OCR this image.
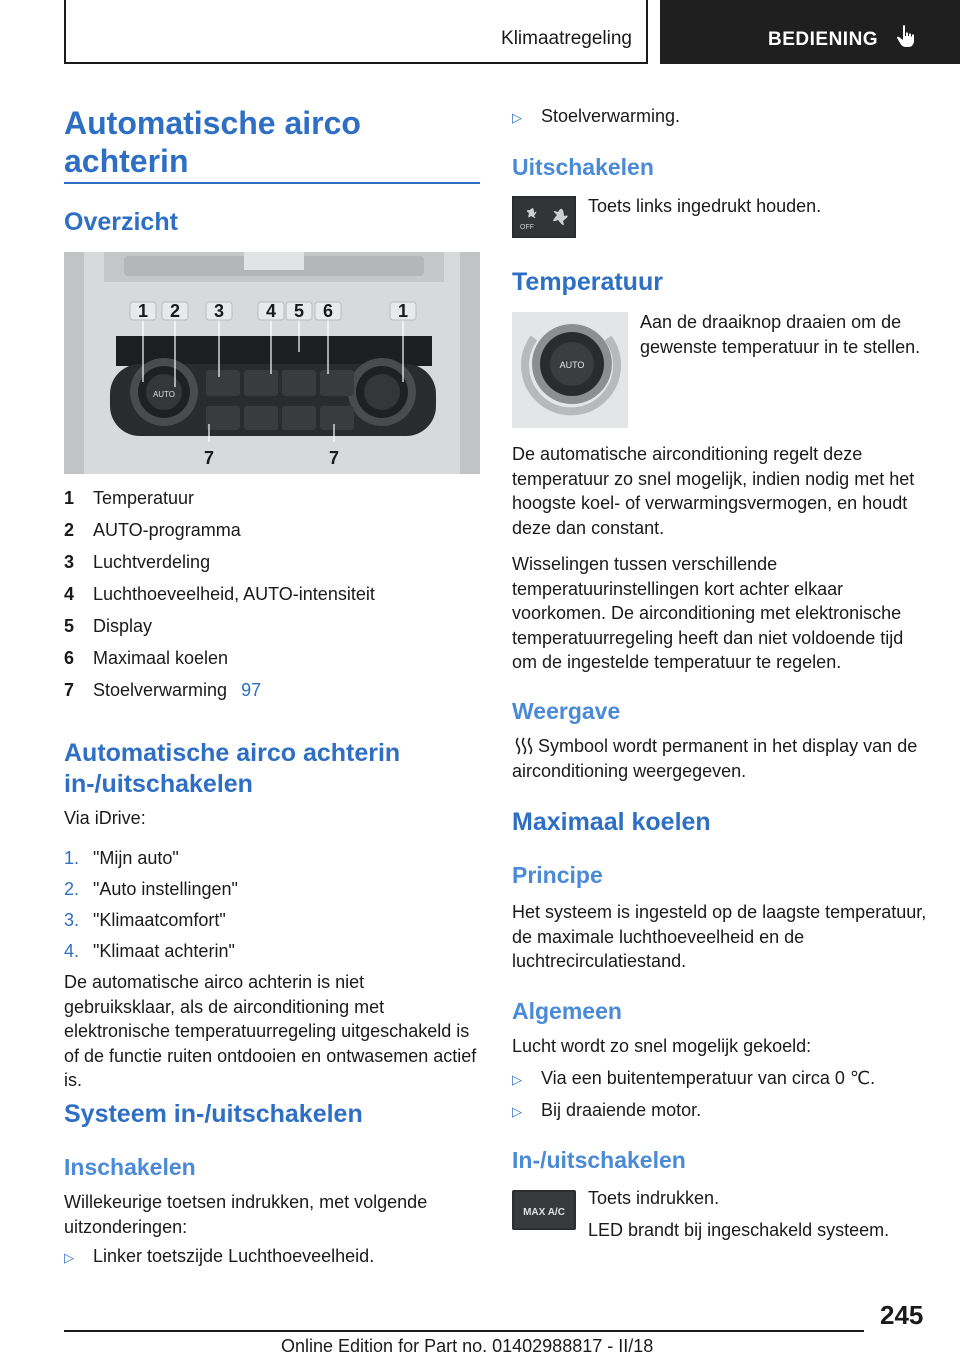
Klimaatregeling	BEDIENING
Automatische airco achterin
Overzicht
AUTO
1 2 3 4 5 6	1
7	7
1 Temperatuur
2 AUTO-programma
3 Luchtverdeling
4 Luchthoeveelheid, AUTO-intensiteit
5 Display
6 Maximaal koelen
7 Stoelverwarming 97
Automatische airco achterin in-/uitschakelen
Via iDrive:
1. "Mijn auto"
2. "Auto instellingen"
3. "Klimaatcomfort"
4. "Klimaat achterin"
De automatische airco achterin is niet gebruiksklaar, als de airconditioning met elektronische temperatuurregeling uitgeschakeld is of de functie ruiten ontdooien en ontwasemen actief is.
Systeem in-/uitschakelen
Inschakelen
Willekeurige toetsen indrukken, met volgende uitzonderingen:
▷ Linker toetszijde Luchthoeveelheid.
▷ Stoelverwarming.
Uitschakelen
OFF
Toets links ingedrukt houden.
Temperatuur
AUTO
Aan de draaiknop draaien om de gewenste temperatuur in te stellen.
De automatische airconditioning regelt deze temperatuur zo snel mogelijk, indien nodig met het hoogste koel- of verwarmingsvermogen, en houdt deze dan constant.
Wisselingen tussen verschillende temperatuurinstellingen kort achter elkaar voorkomen. De airconditioning met elektronische temperatuurregeling heeft dan niet voldoende tijd om de ingestelde temperatuur te regelen.
Weergave
Symbool wordt permanent in het display van de airconditioning weergegeven.
Maximaal koelen
Principe
Het systeem is ingesteld op de laagste temperatuur, de maximale luchthoeveelheid en de luchtrecirculatiestand.
Algemeen
Lucht wordt zo snel mogelijk gekoeld:
▷ Via een buitentemperatuur van circa 0 ℃.
▷ Bij draaiende motor.
In-/uitschakelen
MAX A/C
Toets indrukken.
LED brandt bij ingeschakeld systeem.
245
Online Edition for Part no. 01402988817 - II/18
